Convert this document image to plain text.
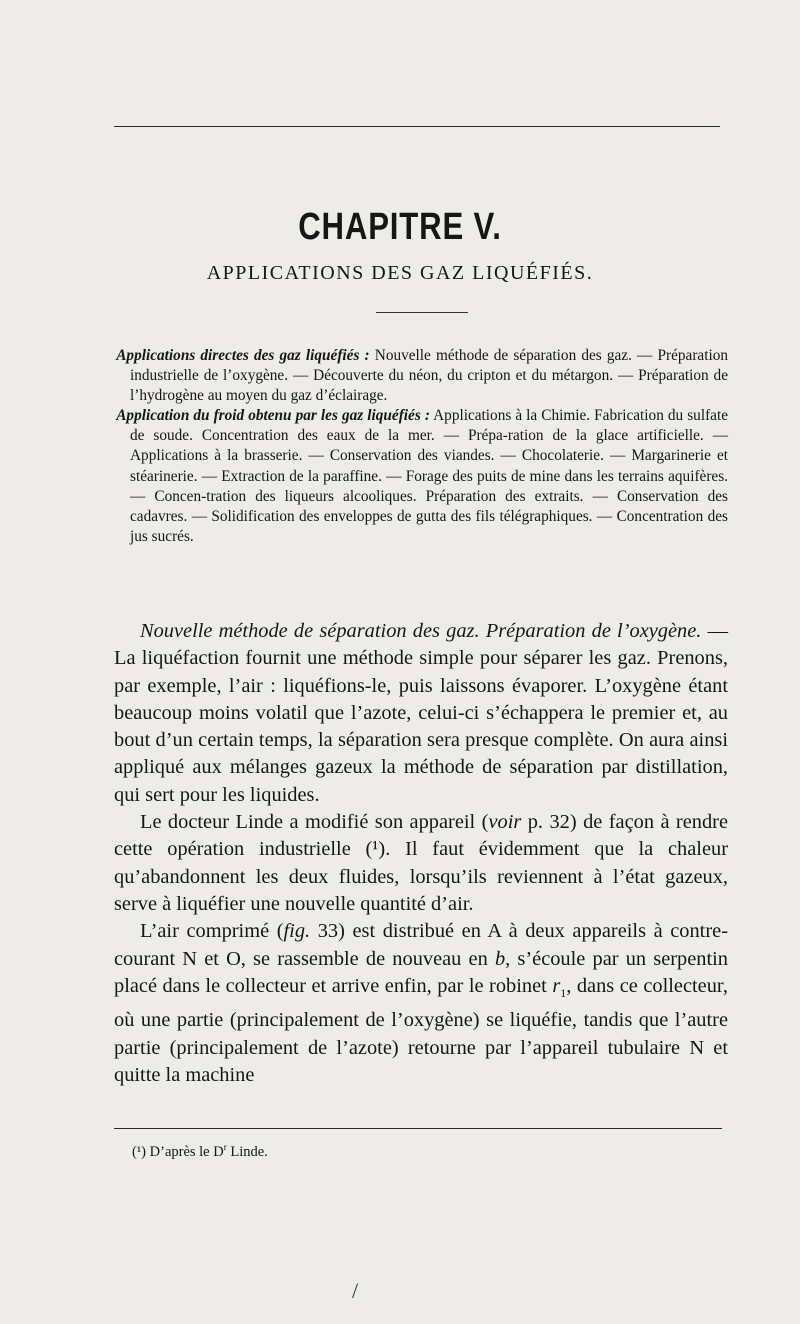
CHAPITRE V.
APPLICATIONS DES GAZ LIQUÉFIÉS.

Applications directes des gaz liquéfiés : Nouvelle méthode de séparation des gaz. — Préparation industrielle de l’oxygène. — Découverte du néon, du cripton et du métargon. — Préparation de l’hydrogène au moyen du gaz d’éclairage.

Application du froid obtenu par les gaz liquéfiés : Applications à la Chimie. Fabrication du sulfate de soude. Concentration des eaux de la mer. — Prépa-ration de la glace artificielle. — Applications à la brasserie. — Conservation des viandes. — Chocolaterie. — Margarinerie et stéarinerie. — Extraction de la paraffine. — Forage des puits de mine dans les terrains aquifères. — Concen-tration des liqueurs alcooliques. Préparation des extraits. — Conservation des cadavres. — Solidification des enveloppes de gutta des fils télégraphiques. — Concentration des jus sucrés.

Nouvelle méthode de séparation des gaz. Préparation de l’oxygène. — La liquéfaction fournit une méthode simple pour séparer les gaz. Prenons, par exemple, l’air : liquéfions-le, puis laissons évaporer. L’oxygène étant beaucoup moins volatil que l’azote, celui-ci s’échappera le premier et, au bout d’un certain temps, la séparation sera presque complète. On aura ainsi appliqué aux mélanges gazeux la méthode de séparation par distillation, qui sert pour les liquides.

Le docteur Linde a modifié son appareil (voir p. 32) de façon à rendre cette opération industrielle (¹). Il faut évidemment que la chaleur qu’abandonnent les deux fluides, lorsqu’ils reviennent à l’état gazeux, serve à liquéfier une nouvelle quantité d’air.

L’air comprimé (fig. 33) est distribué en A à deux appareils à contre-courant N et O, se rassemble de nouveau en b, s’écoule par un serpentin placé dans le collecteur et arrive enfin, par le robinet $r_1$, dans ce collecteur, où une partie (principalement de l’oxygène) se liquéfie, tandis que l’autre partie (principalement de l’azote) retourne par l’appareil tubulaire N et quitte la machine

(¹) D’après le $D^r$ Linde.
/
